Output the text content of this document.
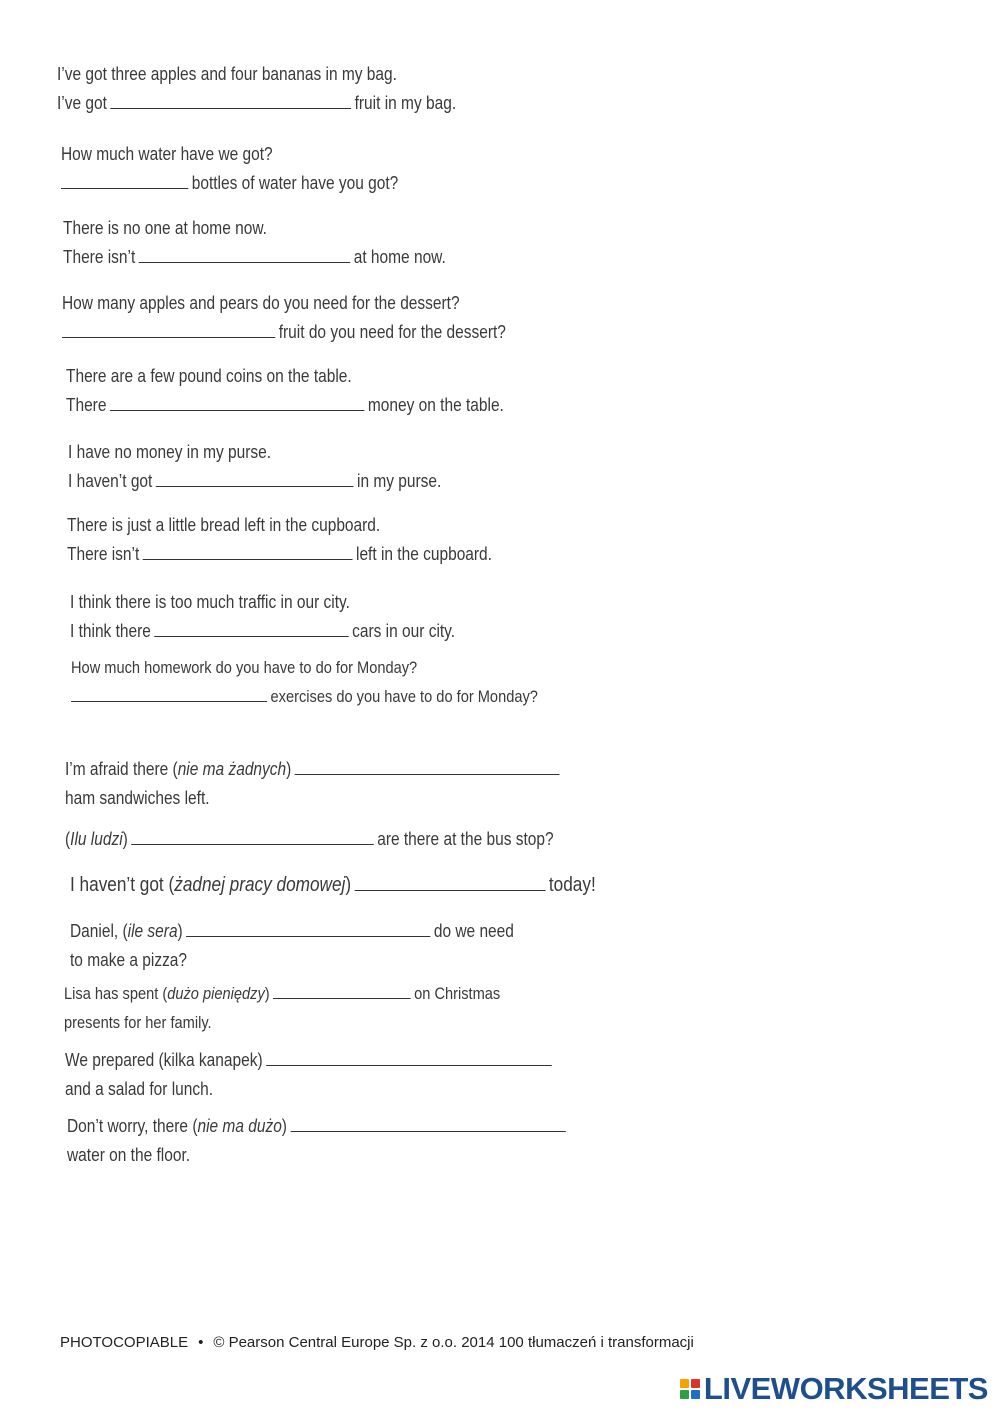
I’ve got three apples and four bananas in my bag.
I’ve got	fruit in my bag.
How much water have we got?
bottles of water have you got?
There is no one at home now.
There isn’t	at home now.
How many apples and pears do you need for the dessert?
fruit do you need for the dessert?
There are a few pound coins on the table.
There	money on the table.
I have no money in my purse.
I haven’t got	in my purse.
There is just a little bread left in the cupboard.
There isn’t	left in the cupboard.
I think there is too much traffic in our city.
I think there	cars in our city.
How much homework do you have to do for Monday?
exercises do you have to do for Monday?
I’m afraid there (nie ma żadnych)
ham sandwiches left.
(Ilu ludzi)	are there at the bus stop?
I haven’t got (żadnej pracy domowej)	today!
Daniel, (ile sera)	do we need
to make a pizza?
Lisa has spent (dużo pieniędzy)	on Christmas
presents for her family.
We prepared (kilka kanapek)
and a salad for lunch.
Don’t worry, there (nie ma dużo)
water on the floor.
PHOTOCOPIABLE • © Pearson Central Europe Sp. z o.o. 2014 100 tłumaczeń i transformacji
LIVEWORKSHEETS
